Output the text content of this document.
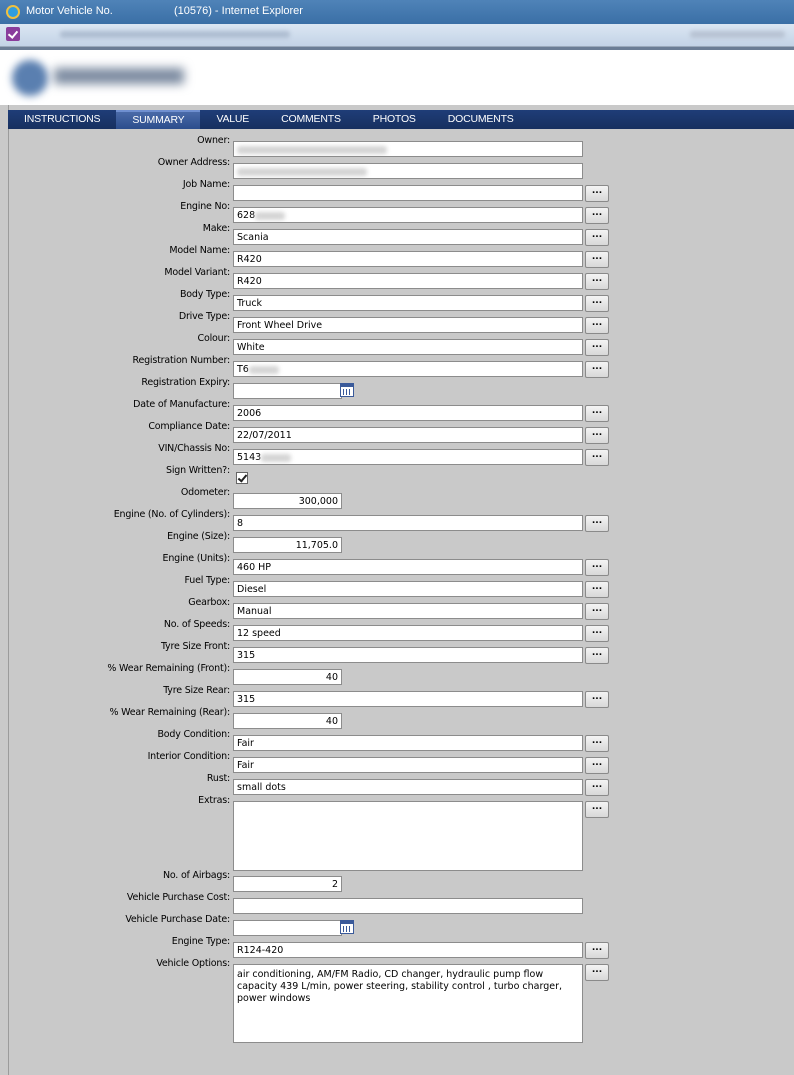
Motor Vehicle No.                    (10576) - Internet Explorer
INSTRUCTIONS	SUMMARY	VALUE	COMMENTS	PHOTOS	DOCUMENTS
Owner:
Owner Address:
Job Name:
...
Engine No:
628	...
Make:
Scania	...
Model Name:
R420	...
Model Variant:
R420	...
Body Type:
Truck	...
Drive Type:
Front Wheel Drive	...
Colour:
White	...
Registration Number:
T6	...
Registration Expiry:
Date of Manufacture:
2006	...
Compliance Date:
22/07/2011	...
VIN/Chassis No:
5143	...
Sign Written?:
Odometer:
300,000
Engine (No. of Cylinders):
8	...
Engine (Size):
11,705.0
Engine (Units):
460 HP	...
Fuel Type:
Diesel	...
Gearbox:
Manual	...
No. of Speeds:
12 speed	...
Tyre Size Front:
315	...
% Wear Remaining (Front):
40
Tyre Size Rear:
315	...
% Wear Remaining (Rear):
40
Body Condition:
Fair	...
Interior Condition:
Fair	...
Rust:
small dots	...
Extras:
...
No. of Airbags:
2
Vehicle Purchase Cost:
Vehicle Purchase Date:
Engine Type:
R124-420	...
Vehicle Options:
air conditioning, AM/FM Radio, CD changer, hydraulic pump flow capacity 439 L/min, power steering, stability control , turbo charger, power windows
...
